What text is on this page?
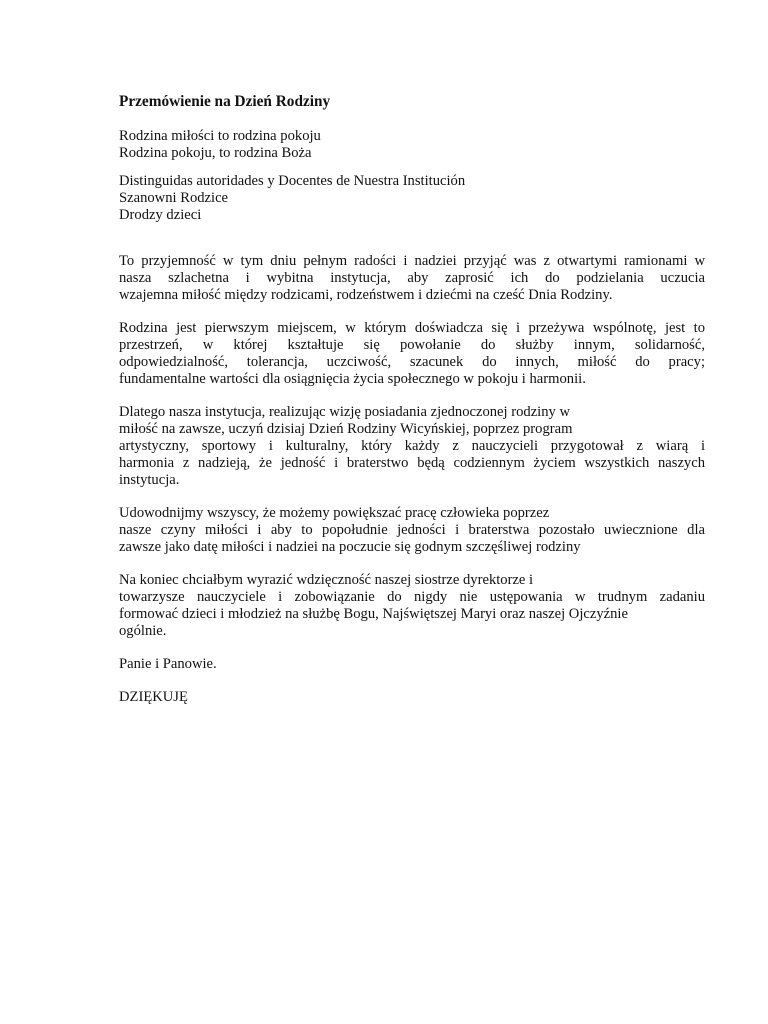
Przemówienie na Dzień Rodziny
Rodzina miłości to rodzina pokoju
Rodzina pokoju, to rodzina Boża
Distinguidas autoridades y Docentes de Nuestra Institución
Szanowni Rodzice
Drodzy dzieci
To przyjemność w tym dniu pełnym radości i nadziei przyjąć was z otwartymi ramionami w
nasza szlachetna i wybitna instytucja, aby zaprosić ich do podzielania uczucia
wzajemna miłość między rodzicami, rodzeństwem i dziećmi na cześć Dnia Rodziny.
Rodzina jest pierwszym miejscem, w którym doświadcza się i przeżywa wspólnotę, jest to
przestrzeń, w której kształtuje się powołanie do służby innym, solidarność,
odpowiedzialność, tolerancja, uczciwość, szacunek do innych, miłość do pracy;
fundamentalne wartości dla osiągnięcia życia społecznego w pokoju i harmonii.
Dlatego nasza instytucja, realizując wizję posiadania zjednoczonej rodziny w
miłość na zawsze, uczyń dzisiaj Dzień Rodziny Wicyńskiej, poprzez program
artystyczny, sportowy i kulturalny, który każdy z nauczycieli przygotował z wiarą i
harmonia z nadzieją, że jedność i braterstwo będą codziennym życiem wszystkich naszych
instytucja.
Udowodnijmy wszyscy, że możemy powiększać pracę człowieka poprzez
nasze czyny miłości i aby to popołudnie jedności i braterstwa pozostało uwiecznione dla
zawsze jako datę miłości i nadziei na poczucie się godnym szczęśliwej rodziny
Na koniec chciałbym wyrazić wdzięczność naszej siostrze dyrektorze i
towarzysze nauczyciele i zobowiązanie do nigdy nie ustępowania w trudnym zadaniu
formować dzieci i młodzież na służbę Bogu, Najświętszej Maryi oraz naszej Ojczyźnie
ogólnie.

Panie i Panowie.

DZIĘKUJĘ
